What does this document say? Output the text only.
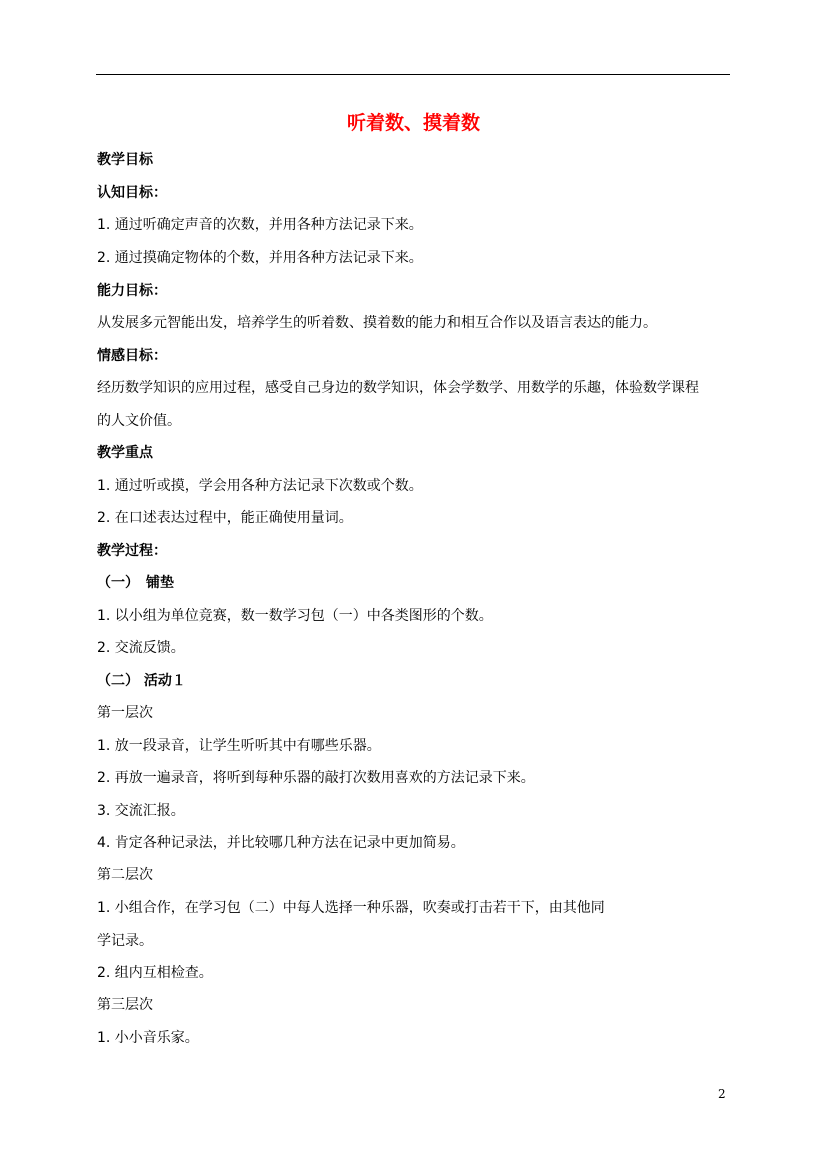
听着数、摸着数
教学目标
认知目标：
1. 通过听确定声音的次数，并用各种方法记录下来。
2. 通过摸确定物体的个数，并用各种方法记录下来。
能力目标：
从发展多元智能出发，培养学生的听着数、摸着数的能力和相互合作以及语言表达的能力。
情感目标：
经历数学知识的应用过程，感受自己身边的数学知识，体会学数学、用数学的乐趣，体验数学课程
的人文价值。
教学重点
1. 通过听或摸，学会用各种方法记录下次数或个数。
2. 在口述表达过程中，能正确使用量词。
教学过程：
（一）　铺垫
1. 以小组为单位竞赛，数一数学习包（一）中各类图形的个数。
2. 交流反馈。
（二） 活动１
第一层次
1. 放一段录音，让学生听听其中有哪些乐器。
2. 再放一遍录音，将听到每种乐器的敲打次数用喜欢的方法记录下来。
3. 交流汇报。
4. 肯定各种记录法，并比较哪几种方法在记录中更加简易。
第二层次
1. 小组合作，在学习包（二）中每人选择一种乐器，吹奏或打击若干下，由其他同
学记录。
2. 组内互相检查。
第三层次
1. 小小音乐家。
2
